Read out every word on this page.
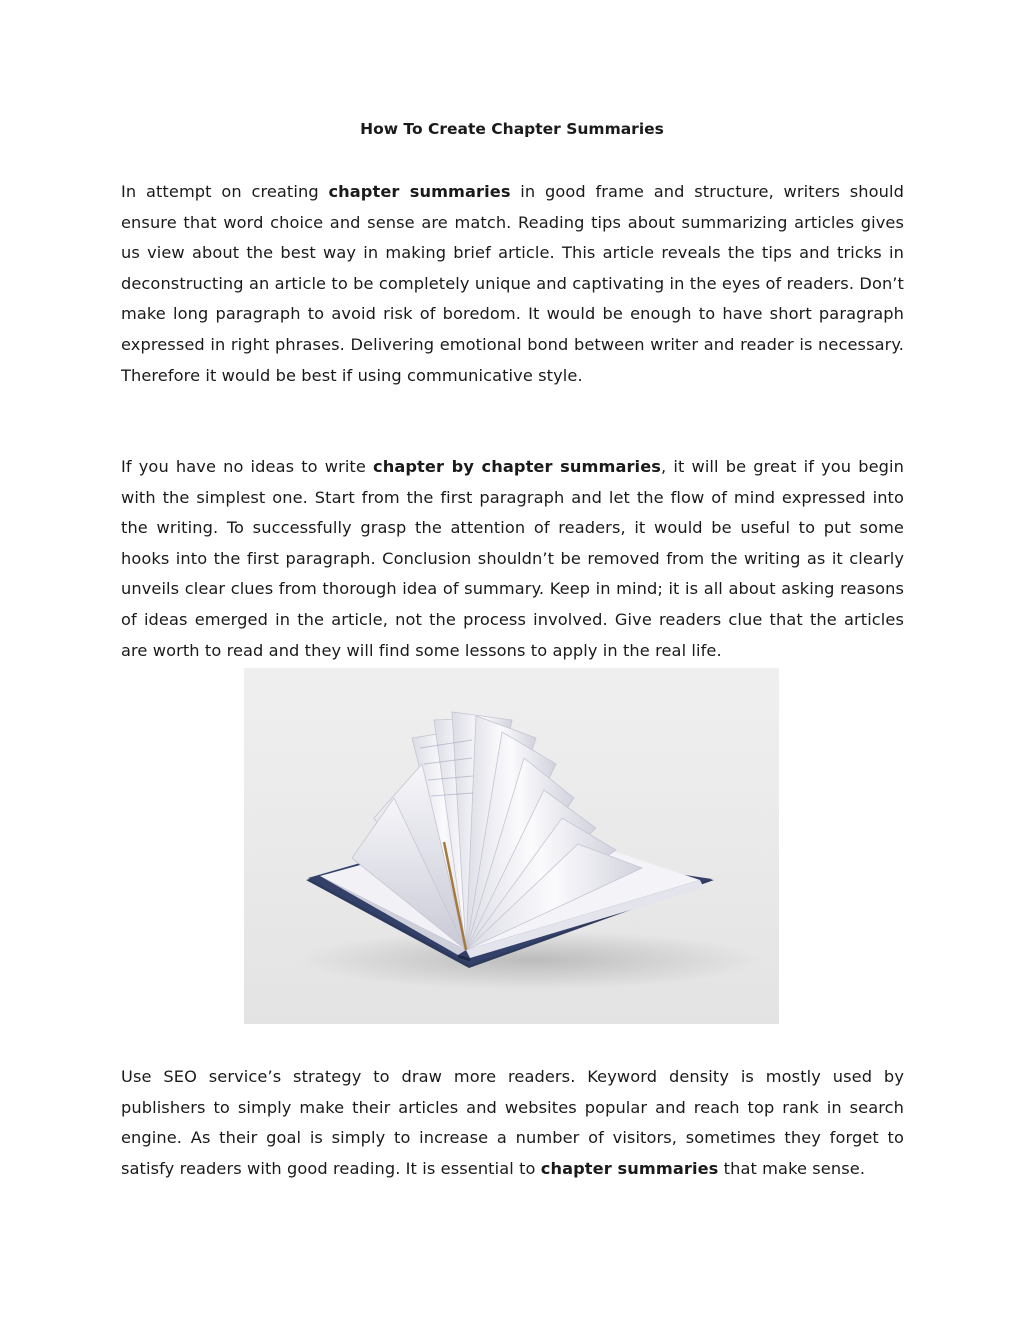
How To Create Chapter Summaries

In attempt on creating chapter summaries in good frame and structure, writers should ensure that word choice and sense are match. Reading tips about summarizing articles gives us view about the best way in making brief article. This article reveals the tips and tricks in deconstructing an article to be completely unique and captivating in the eyes of readers. Don’t make long paragraph to avoid risk of boredom. It would be enough to have short paragraph expressed in right phrases. Delivering emotional bond between writer and reader is necessary. Therefore it would be best if using communicative style.

If you have no ideas to write chapter by chapter summaries, it will be great if you begin with the simplest one. Start from the first paragraph and let the flow of mind expressed into the writing. To successfully grasp the attention of readers, it would be useful to put some hooks into the first paragraph. Conclusion shouldn’t be removed from the writing as it clearly unveils clear clues from thorough idea of summary. Keep in mind; it is all about asking reasons of ideas emerged in the article, not the process involved. Give readers clue that the articles are worth to read and they will find some lessons to apply in the real life.

Use SEO service’s strategy to draw more readers. Keyword density is mostly used by publishers to simply make their articles and websites popular and reach top rank in search engine. As their goal is simply to increase a number of visitors, sometimes they forget to satisfy readers with good reading. It is essential to chapter summaries that make sense.
